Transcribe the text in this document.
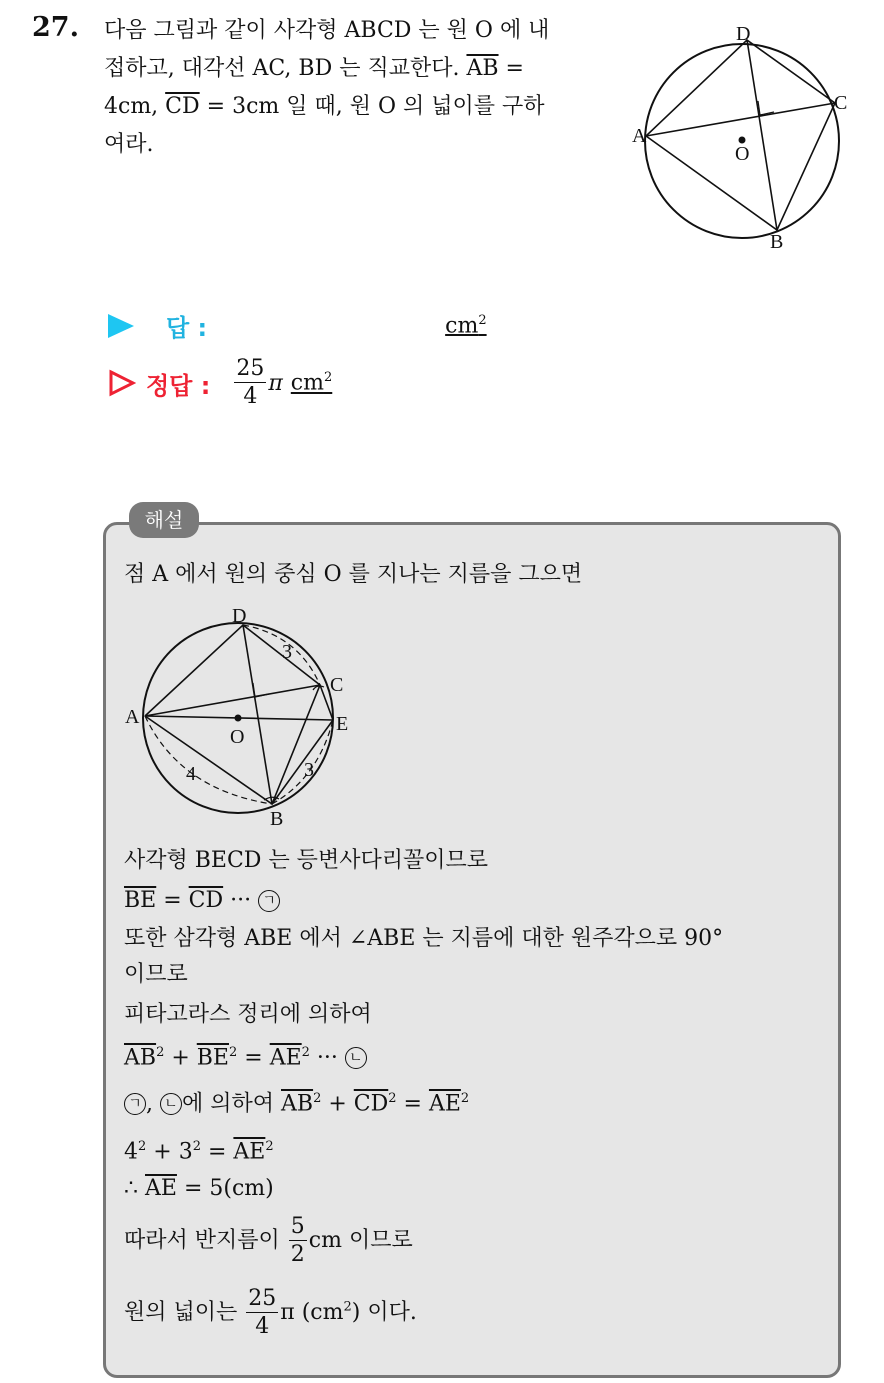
27. 다음 그림과 같이 사각형 ABCD 는 원 O 에 내
접하고, 대각선 AC, BD 는 직교한다. $\overline{AB}$ =
4cm, $\overline{CD} = 3cm$ 일 때, 원 O 의 넓이를 구하
여라.	A
D
C
B
O
답 :	$cm^2$
정답 : $\frac{25}{4}$ π $cm^2$
해설
점 A 에서 원의 중심 O 를 지나는 지름을 그으면
A
D
C
E
B
O
3
3
4
사각형 BECD 는 등변사다리꼴이므로
$\overline{BE} = \overline{CD}$ ··· ㄱ
또한 삼각형 ABE 에서 ∠ABE 는 지름에 대한 원주각으로 90°
이므로
피타고라스 정리에 의하여
$\overline{AB}^2 + \overline{BE}^2 = \overline{AE}^2$ ··· ㄴ
ㄱ , ㄴ 에 의하여 $\overline{AB}^2 + \overline{CD}^2 = \overline{AE}^2$
$4^2 + 3^2 = \overline{AE}^2$
∴ $\overline{AE} = 5(cm)$
따라서 반지름이 $\frac{5}{2}$ cm 이므로
원의 넓이는 $\frac{25}{4}$ π $(cm^2)$ 이다.
